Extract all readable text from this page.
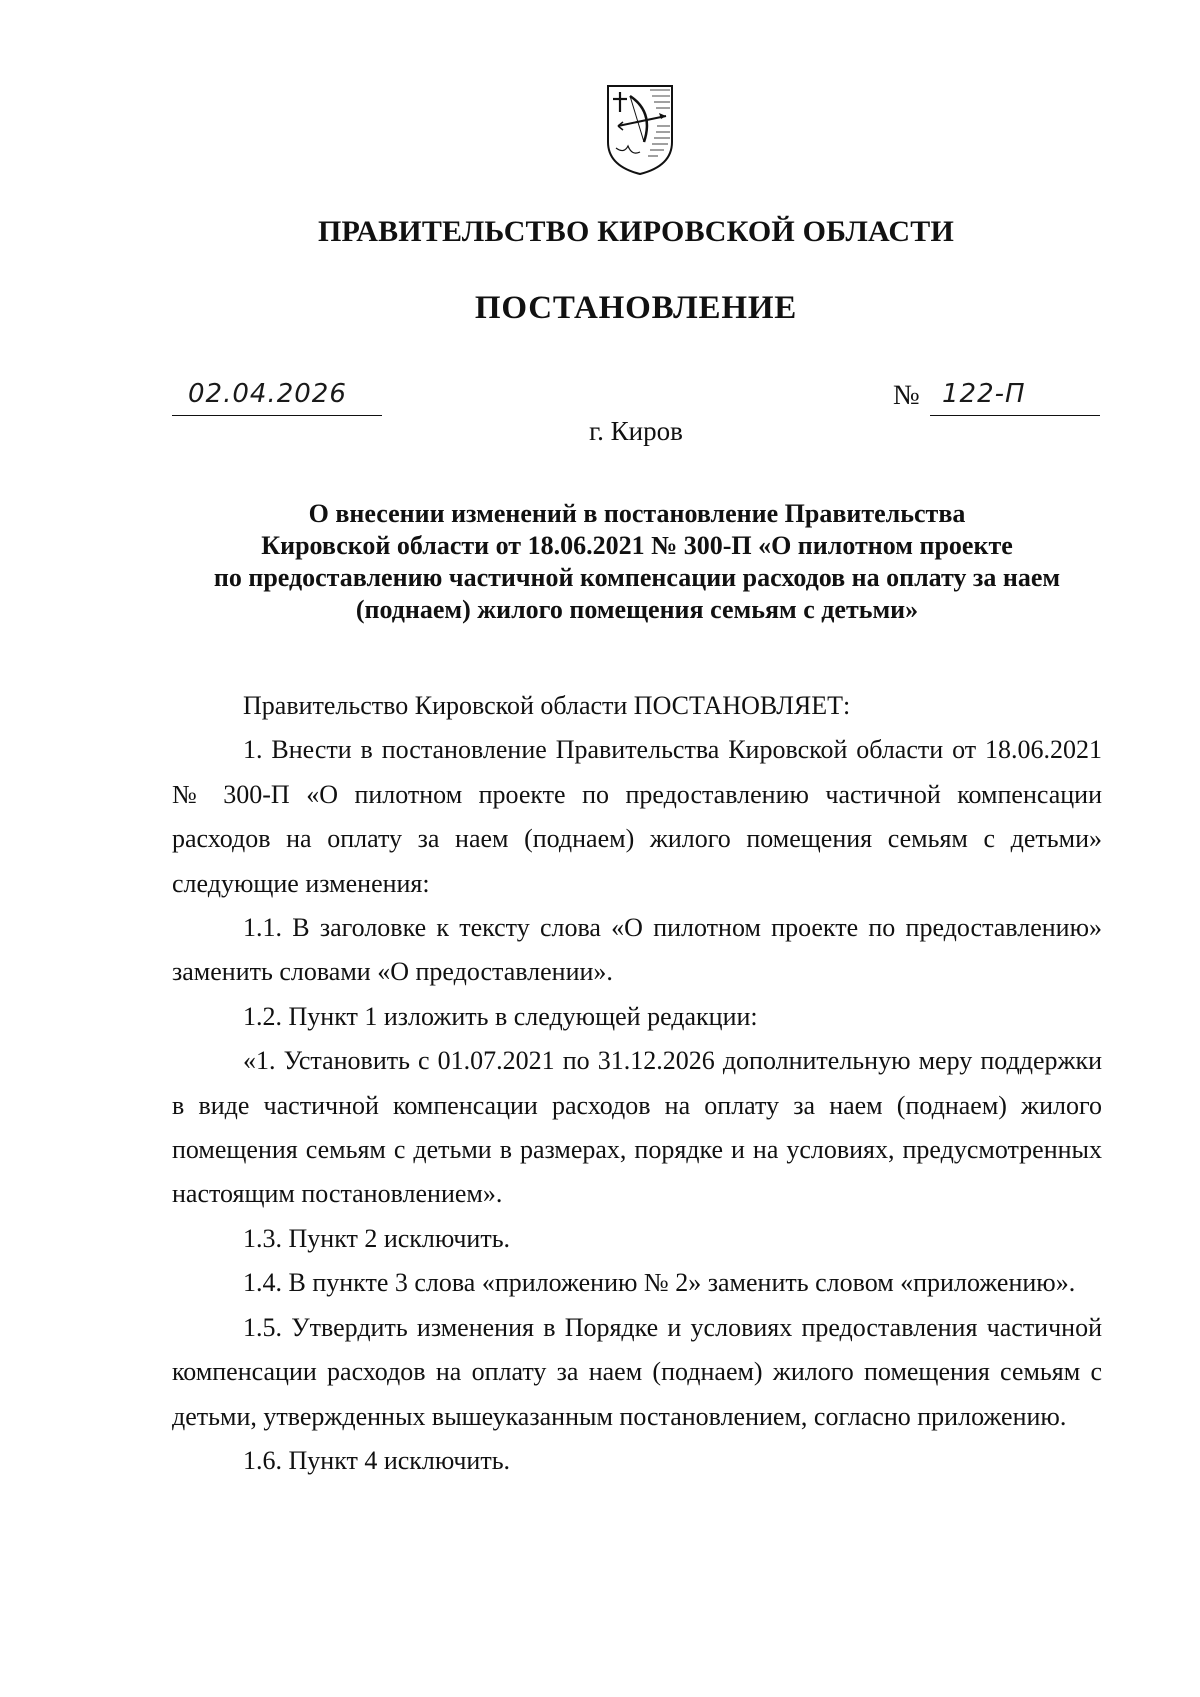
ПРАВИТЕЛЬСТВО КИРОВСКОЙ ОБЛАСТИ
ПОСТАНОВЛЕНИЕ
02.04.2026	№ 122-П
г. Киров
О внесении изменений в постановление Правительства
Кировской области от 18.06.2021 № 300-П «О пилотном проекте
по предоставлению частичной компенсации расходов на оплату за наем
(поднаем) жилого помещения семьям с детьми»

Правительство Кировской области ПОСТАНОВЛЯЕТ:

1. Внести в постановление Правительства Кировской области от 18.06.2021 № 300-П «О пилотном проекте по предоставлению частичной компенсации расходов на оплату за наем (поднаем) жилого помещения семьям с детьми» следующие изменения:

1.1. В заголовке к тексту слова «О пилотном проекте по предоставлению» заменить словами «О предоставлении».

1.2. Пункт 1 изложить в следующей редакции:

«1. Установить с 01.07.2021 по 31.12.2026 дополнительную меру поддержки в виде частичной компенсации расходов на оплату за наем (поднаем) жилого помещения семьям с детьми в размерах, порядке и на условиях, предусмотренных настоящим постановлением».

1.3. Пункт 2 исключить.

1.4. В пункте 3 слова «приложению № 2» заменить словом «приложению».

1.5. Утвердить изменения в Порядке и условиях предоставления частичной компенсации расходов на оплату за наем (поднаем) жилого помещения семьям с детьми, утвержденных вышеуказанным постановлением, согласно приложению.

1.6. Пункт 4 исключить.
